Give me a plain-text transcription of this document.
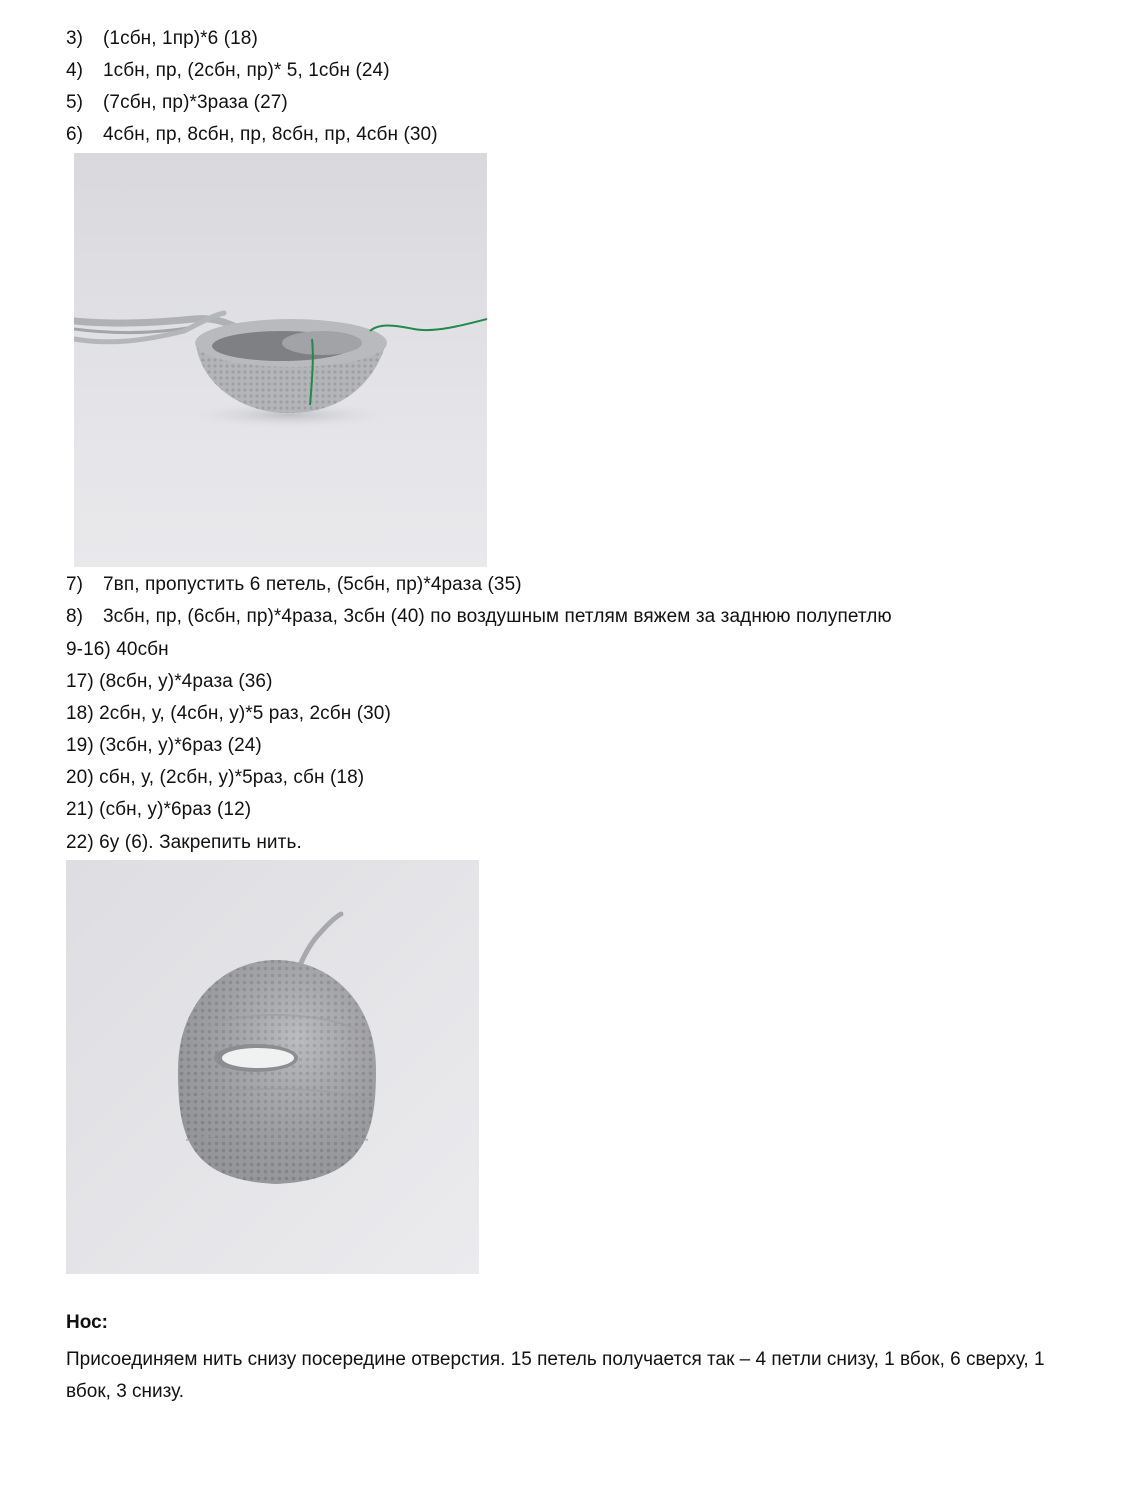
3) (1сбн, 1пр)*6 (18)
4) 1сбн, пр, (2сбн, пр)* 5, 1сбн (24)
5) (7сбн, пр)*3раза (27)
6) 4сбн, пр, 8сбн, пр, 8сбн, пр, 4сбн (30)
7) 7вп, пропустить 6 петель, (5сбн, пр)*4раза (35)
8) 3сбн, пр, (6сбн, пр)*4раза, 3сбн (40) по воздушным петлям вяжем за заднюю полупетлю
9-16) 40сбн
17) (8сбн, у)*4раза (36)
18) 2сбн, у, (4сбн, у)*5 раз, 2сбн (30)
19) (3сбн, у)*6раз (24)
20) сбн, у, (2сбн, у)*5раз, сбн (18)
21) (сбн, у)*6раз (12)
22) 6у (6). Закрепить нить.
Нос:
Присоединяем нить снизу посередине отверстия. 15 петель получается так – 4 петли снизу, 1 вбок, 6 сверху, 1 вбок, 3 снизу.
